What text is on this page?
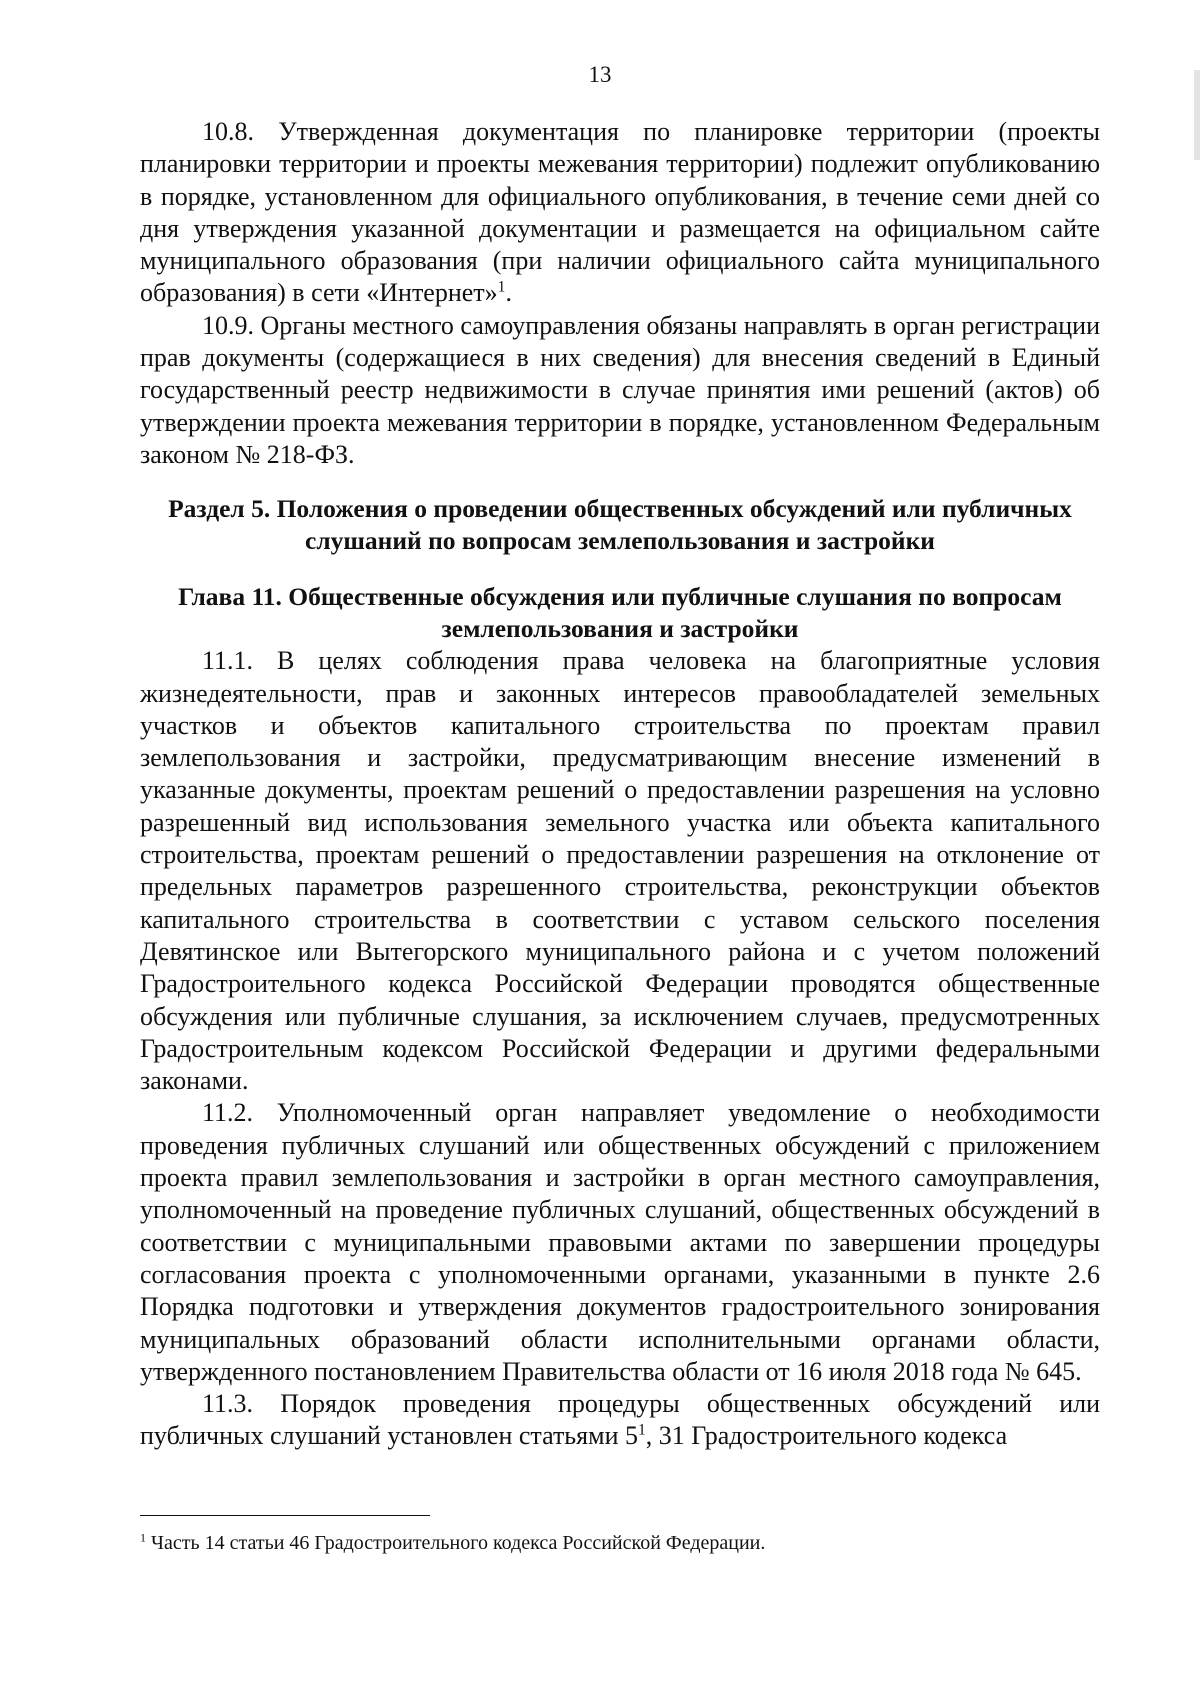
13

10.8. Утвержденная документация по планировке территории (проекты планировки территории и проекты межевания территории) подлежит опубликованию в порядке, установленном для официального опубликования, в течение семи дней со дня утверждения указанной документации и размещается на официальном сайте муниципального образования (при наличии официального сайта муниципального образования) в сети «Интернет»$^1$.

10.9. Органы местного самоуправления обязаны направлять в орган регистрации прав документы (содержащиеся в них сведения) для внесения сведений в Единый государственный реестр недвижимости в случае принятия ими решений (актов) об утверждении проекта межевания территории в порядке, установленном Федеральным законом № 218-ФЗ.

Раздел 5. Положения о проведении общественных обсуждений или публичных слушаний по вопросам землепользования и застройки
Глава 11. Общественные обсуждения или публичные слушания по вопросам землепользования и застройки

11.1. В целях соблюдения права человека на благоприятные условия жизнедеятельности, прав и законных интересов правообладателей земельных участков и объектов капитального строительства по проектам правил землепользования и застройки, предусматривающим внесение изменений в указанные документы, проектам решений о предоставлении разрешения на условно разрешенный вид использования земельного участка или объекта капитального строительства, проектам решений о предоставлении разрешения на отклонение от предельных параметров разрешенного строительства, реконструкции объектов капитального строительства в соответствии с уставом сельского поселения Девятинское или Вытегорского муниципального района и с учетом положений Градостроительного кодекса Российской Федерации проводятся общественные обсуждения или публичные слушания, за исключением случаев, предусмотренных Градостроительным кодексом Российской Федерации и другими федеральными законами.

11.2. Уполномоченный орган направляет уведомление о необходимости проведения публичных слушаний или общественных обсуждений с приложением проекта правил землепользования и застройки в орган местного самоуправления, уполномоченный на проведение публичных слушаний, общественных обсуждений в соответствии с муниципальными правовыми актами по завершении процедуры согласования проекта с уполномоченными органами, указанными в пункте 2.6 Порядка подготовки и утверждения документов градостроительного зонирования муниципальных образований области исполнительными органами области, утвержденного постановлением Правительства области от 16 июля 2018 года № 645.

11.3. Порядок проведения процедуры общественных обсуждений или публичных слушаний установлен статьями $5^1$, 31 Градостроительного кодекса

$^1$ Часть 14 статьи 46 Градостроительного кодекса Российской Федерации.
